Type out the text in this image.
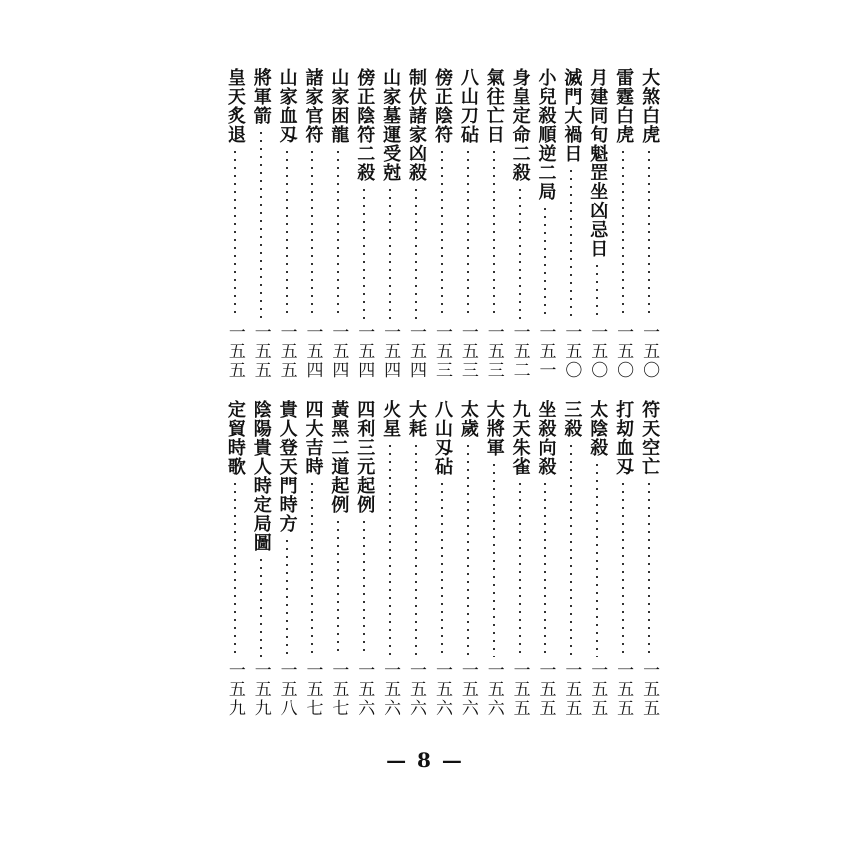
大煞白虎
一五〇
雷霆白虎
一五〇
月建同旬魁罡坐凶忌日
一五〇
滅門大禍日
一五〇
小兒殺順逆二局
一五一
身皇定命二殺
一五二
氣往亡日
一五三
八山刀砧
一五三
傍正陰符
一五三
制伏諸家凶殺
一五四
山家墓運受尅
一五四
傍正陰符二殺
一五四
山家困龍
一五四
諸家官符
一五四
山家血刄
一五五
將軍箭
一五五
皇天炙退
一五五
符天空亡
一五五
打刧血刄
一五五
太陰殺
一五五
三殺
一五五
坐殺向殺
一五五
九天朱雀
一五五
大將軍
一五六
太歲
一五六
八山刄砧
一五六
大耗
一五六
火星
一五六
四利三元起例
一五六
黃黑二道起例
一五七
四大吉時
一五七
貴人登天門時方
一五八
陰陽貴人時定局圖
一五九
定貿時歌
一五九
— 8 —
